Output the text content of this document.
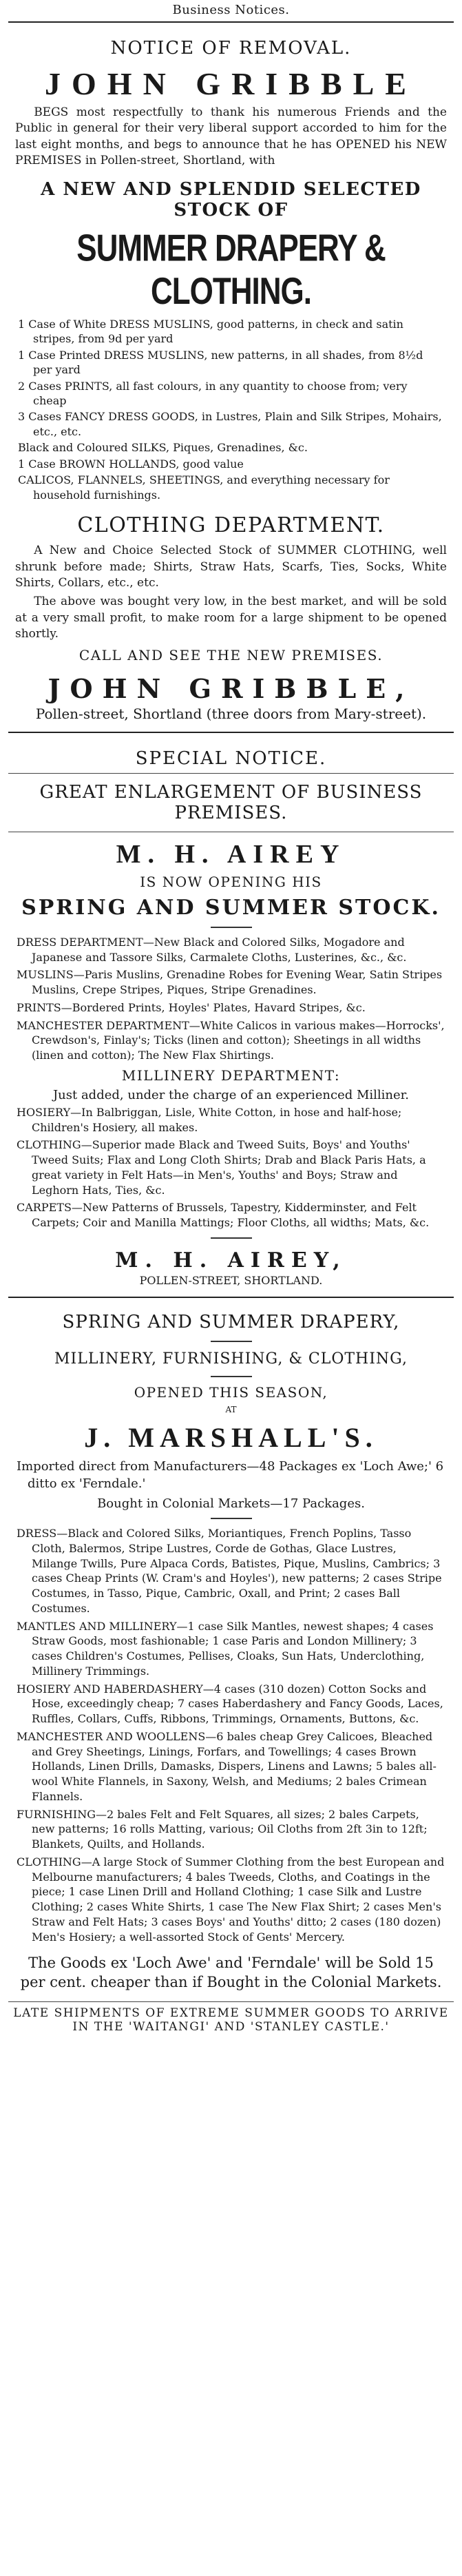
Business Notices.
NOTICE OF REMOVAL.
JOHN GRIBBLE

BEGS most respectfully to thank his numerous Friends and the Public in general for their very liberal support accorded to him for the last eight months, and begs to announce that he has OPENED his NEW PREMISES in Pollen-street, Shortland, with

A NEW AND SPLENDID SELECTED STOCK OF
SUMMER DRAPERY & CLOTHING.
1 Case of White DRESS MUSLINS, good patterns, in check and satin stripes, from 9d per yard
1 Case Printed DRESS MUSLINS, new patterns, in all shades, from 8½d per yard
2 Cases PRINTS, all fast colours, in any quantity to choose from; very cheap
3 Cases FANCY DRESS GOODS, in Lustres, Plain and Silk Stripes, Mohairs, etc., etc.
Black and Coloured SILKS, Piques, Grenadines, &c.
1 Case BROWN HOLLANDS, good value
CALICOS, FLANNELS, SHEETINGS, and everything necessary for household furnishings.
CLOTHING DEPARTMENT.

A New and Choice Selected Stock of SUMMER CLOTHING, well shrunk before made; Shirts, Straw Hats, Scarfs, Ties, Socks, White Shirts, Collars, etc., etc.

The above was bought very low, in the best market, and will be sold at a very small profit, to make room for a large shipment to be opened shortly.

CALL AND SEE THE NEW PREMISES.
JOHN GRIBBLE,
Pollen-street, Shortland (three doors from Mary-street).
SPECIAL NOTICE.
GREAT ENLARGEMENT OF BUSINESS PREMISES.
M. H. AIREY
IS NOW OPENING HIS
SPRING AND SUMMER STOCK.
DRESS DEPARTMENT—New Black and Colored Silks, Mogadore and Japanese and Tassore Silks, Carmalete Cloths, Lusterines, &c., &c.
MUSLINS—Paris Muslins, Grenadine Robes for Evening Wear, Satin Stripes Muslins, Crepe Stripes, Piques, Stripe Grenadines.
PRINTS—Bordered Prints, Hoyles' Plates, Havard Stripes, &c.
MANCHESTER DEPARTMENT—White Calicos in various makes—Horrocks', Crewdson's, Finlay's; Ticks (linen and cotton); Sheetings in all widths (linen and cotton); The New Flax Shirtings.
MILLINERY DEPARTMENT:
Just added, under the charge of an experienced Milliner.
HOSIERY—In Balbriggan, Lisle, White Cotton, in hose and half-hose; Children's Hosiery, all makes.
CLOTHING—Superior made Black and Tweed Suits, Boys' and Youths' Tweed Suits; Flax and Long Cloth Shirts; Drab and Black Paris Hats, a great variety in Felt Hats—in Men's, Youths' and Boys; Straw and Leghorn Hats, Ties, &c.
CARPETS—New Patterns of Brussels, Tapestry, Kidderminster, and Felt Carpets; Coir and Manilla Mattings; Floor Cloths, all widths; Mats, &c.
M. H. AIREY,
POLLEN-STREET, SHORTLAND.
SPRING AND SUMMER DRAPERY,
MILLINERY, FURNISHING, & CLOTHING,
OPENED THIS SEASON,
AT
J. MARSHALL'S.

Imported direct from Manufacturers—48 Packages ex 'Loch Awe;' 6 ditto ex 'Ferndale.'

Bought in Colonial Markets—17 Packages.

DRESS—Black and Colored Silks, Moriantiques, French Poplins, Tasso Cloth, Balermos, Stripe Lustres, Corde de Gothas, Glace Lustres, Milange Twills, Pure Alpaca Cords, Batistes, Pique, Muslins, Cambrics; 3 cases Cheap Prints (W. Cram's and Hoyles'), new patterns; 2 cases Stripe Costumes, in Tasso, Pique, Cambric, Oxall, and Print; 2 cases Ball Costumes.
MANTLES AND MILLINERY—1 case Silk Mantles, newest shapes; 4 cases Straw Goods, most fashionable; 1 case Paris and London Millinery; 3 cases Children's Costumes, Pellises, Cloaks, Sun Hats, Underclothing, Millinery Trimmings.
HOSIERY AND HABERDASHERY—4 cases (310 dozen) Cotton Socks and Hose, exceedingly cheap; 7 cases Haberdashery and Fancy Goods, Laces, Ruffles, Collars, Cuffs, Ribbons, Trimmings, Ornaments, Buttons, &c.
MANCHESTER AND WOOLLENS—6 bales cheap Grey Calicoes, Bleached and Grey Sheetings, Linings, Forfars, and Towellings; 4 cases Brown Hollands, Linen Drills, Damasks, Dispers, Linens and Lawns; 5 bales all-wool White Flannels, in Saxony, Welsh, and Mediums; 2 bales Crimean Flannels.
FURNISHING—2 bales Felt and Felt Squares, all sizes; 2 bales Carpets, new patterns; 16 rolls Matting, various; Oil Cloths from 2ft 3in to 12ft; Blankets, Quilts, and Hollands.
CLOTHING—A large Stock of Summer Clothing from the best European and Melbourne manufacturers; 4 bales Tweeds, Cloths, and Coatings in the piece; 1 case Linen Drill and Holland Clothing; 1 case Silk and Lustre Clothing; 2 cases White Shirts, 1 case The New Flax Shirt; 2 cases Men's Straw and Felt Hats; 3 cases Boys' and Youths' ditto; 2 cases (180 dozen) Men's Hosiery; a well-assorted Stock of Gents' Mercery.
The Goods ex 'Loch Awe' and 'Ferndale' will be Sold 15 per cent. cheaper than if Bought in the Colonial Markets.
LATE SHIPMENTS OF EXTREME SUMMER GOODS TO ARRIVE IN THE 'WAITANGI' AND 'STANLEY CASTLE.'
